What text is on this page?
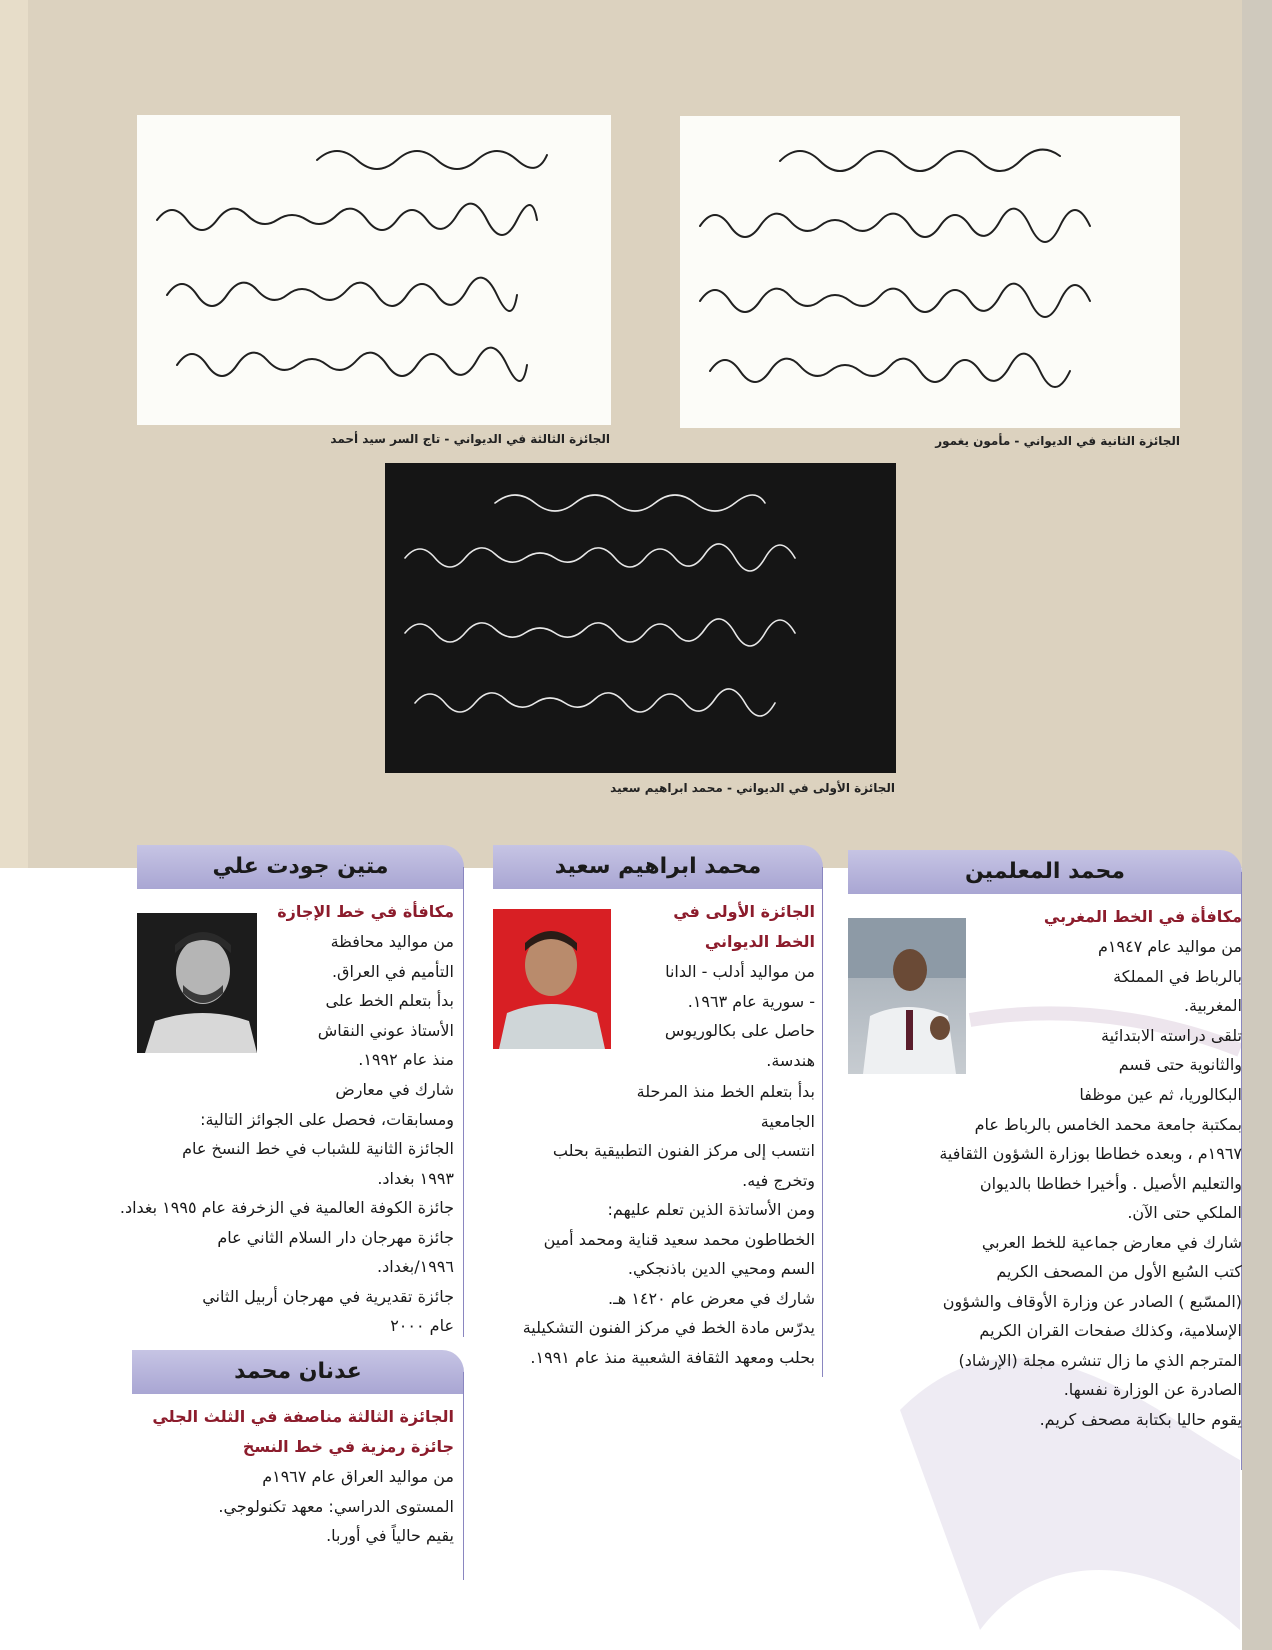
الجائزة الثالثة في الديواني - تاج السر سيد أحمد	الجائزة الثانية في الديواني - مأمون يغمور
الجائزة الأولى في الديواني - محمد ابراهيم سعيد
محمد المعلمين
مكافأة في الخط المغربي
من مواليد عام ١٩٤٧م
بالرباط في المملكة
المغربية.
تلقى دراسته الابتدائية
والثانوية حتى قسم
البكالوريا، ثم عين موظفا
بمكتبة جامعة محمد الخامس بالرباط عام
١٩٦٧م ، وبعده خطاطا بوزارة الشؤون الثقافية
والتعليم الأصيل . وأخيرا خطاطا بالديوان
الملكي حتى الآن.
شارك في معارض جماعية للخط العربي
كتب السُبع الأول من المصحف الكريم
(المسّبع ) الصادر عن وزارة الأوقاف والشؤون
الإسلامية، وكذلك صفحات القران الكريم
المترجم الذي ما زال تنشره مجلة (الإرشاد)
الصادرة عن الوزارة نفسها.
يقوم حاليا بكتابة مصحف كريم.
محمد ابراهيم سعيد
الجائزة الأولى في
الخط الديواني
من مواليد أدلب - الدانا
- سورية عام ١٩٦٣.
حاصل على بكالوريوس
هندسة.
بدأ بتعلم الخط منذ المرحلة
الجامعية
انتسب إلى مركز الفنون التطبيقية بحلب
وتخرج فيه.
ومن الأساتذة الذين تعلم عليهم:
الخطاطون محمد سعيد قناية ومحمد أمين
السم ومحيي الدين باذنجكي.
شارك في معرض عام ١٤٢٠ هـ.
يدرّس مادة الخط في مركز الفنون التشكيلية
بحلب ومعهد الثقافة الشعبية منذ عام ١٩٩١.
متين جودت علي
مكافأة في خط الإجازة
من مواليد محافظة
التأميم في العراق.
بدأ بتعلم الخط على
الأستاذ عوني النقاش
منذ عام ١٩٩٢.
شارك في معارض
ومسابقات، فحصل على الجوائز التالية:
الجائزة الثانية للشباب في خط النسخ عام
١٩٩٣ بغداد.
جائزة الكوفة العالمية في الزخرفة عام ١٩٩٥ بغداد.
جائزة مهرجان دار السلام الثاني عام
١٩٩٦/بغداد.
جائزة تقديرية في مهرجان أربيل الثاني
عام ٢٠٠٠
عدنان محمد
الجائزة الثالثة مناصفة في الثلث الجلي
جائزة رمزية في خط النسخ
من مواليد العراق عام ١٩٦٧م
المستوى الدراسي: معهد تكنولوجي.
يقيم حالياً في أوربا.
